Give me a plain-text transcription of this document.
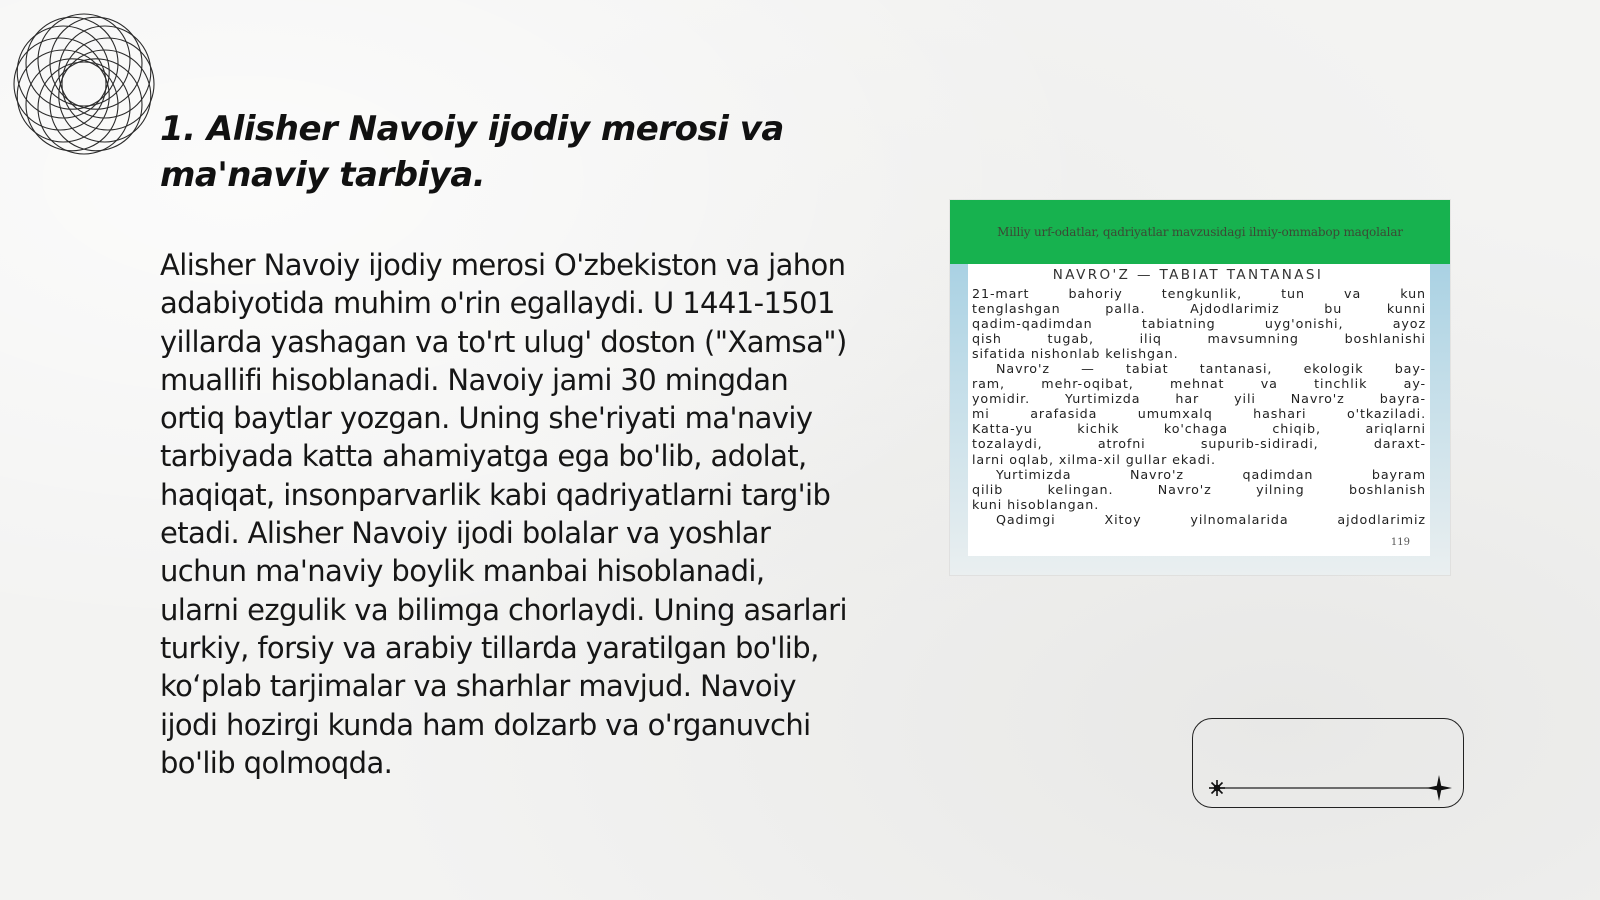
1. Alisher Navoiy ijodiy merosi va ma'naviy tarbiya.

Alisher Navoiy ijodiy merosi O'zbekiston va jahon adabiyotida muhim o'rin egallaydi. U 1441-1501 yillarda yashagan va to'rt ulug' doston ("Xamsa") muallifi hisoblanadi. Navoiy jami 30 mingdan ortiq baytlar yozgan. Uning she'riyati ma'naviy tarbiyada katta ahamiyatga ega bo'lib, adolat, haqiqat, insonparvarlik kabi qadriyatlarni targ'ib etadi. Alisher Navoiy ijodi bolalar va yoshlar uchun ma'naviy boylik manbai hisoblanadi, ularni ezgulik va bilimga chorlaydi. Uning asarlari turkiy, forsiy va arabiy tillarda yaratilgan bo'lib, ko‘plab tarjimalar va sharhlar mavjud. Navoiy ijodi hozirgi kunda ham dolzarb va o'rganuvchi bo'lib qolmoqda.

Milliy urf-odatlar, qadriyatlar mavzusidagi ilmiy-ommabop maqolalar
NAVRO'Z — TABIAT TANTANASI
21-mart bahoriy tengkunlik, tun va kun
tenglashgan palla. Ajdodlarimiz bu kunni
qadim-qadimdan tabiatning uyg'onishi, ayoz
qish tugab, iliq mavsumning boshlanishi
sifatida nishonlab kelishgan.
Navro'z — tabiat tantanasi, ekologik bay-
ram, mehr-oqibat, mehnat va tinchlik ay-
yomidir. Yurtimizda har yili Navro'z bayra-
mi arafasida umumxalq hashari o'tkaziladi.
Katta-yu kichik ko'chaga chiqib, ariqlarni
tozalaydi, atrofni supurib-sidiradi, daraxt-
larni oqlab, xilma-xil gullar ekadi.
Yurtimizda Navro'z qadimdan bayram
qilib kelingan. Navro'z yilning boshlanish
kuni hisoblangan.
Qadimgi Xitoy yilnomalarida ajdodlarimiz
119
